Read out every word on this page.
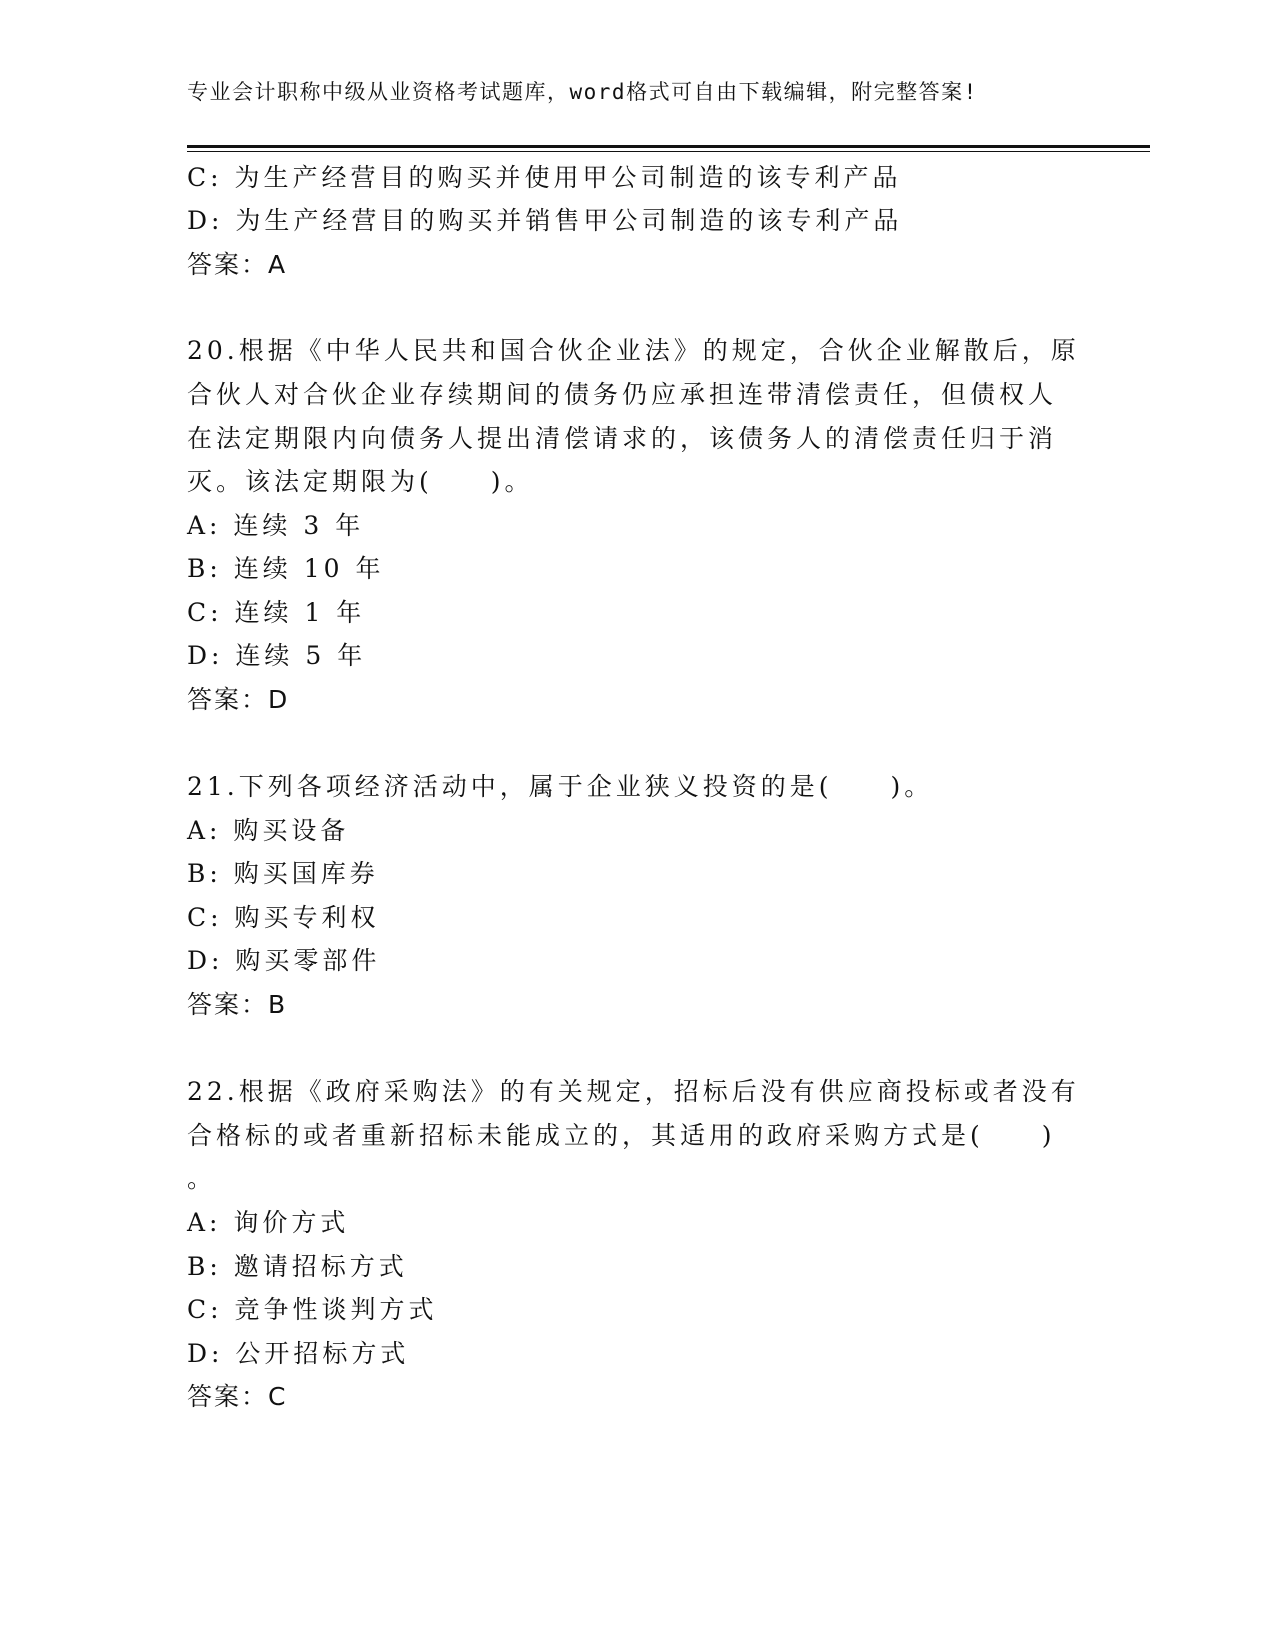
专业会计职称中级从业资格考试题库，word格式可自由下载编辑，附完整答案!
C: 为生产经营目的购买并使用甲公司制造的该专利产品
D: 为生产经营目的购买并销售甲公司制造的该专利产品
答案：A
20.根据《中华人民共和国合伙企业法》的规定，合伙企业解散后，原
合伙人对合伙企业存续期间的债务仍应承担连带清偿责任，但债权人
在法定期限内向债务人提出清偿请求的，该债务人的清偿责任归于消
灭。该法定期限为(　　)。
A: 连续 3 年
B: 连续 10 年
C: 连续 1 年
D: 连续 5 年
答案：D
21.下列各项经济活动中，属于企业狭义投资的是(　　)。
A: 购买设备
B: 购买国库券
C: 购买专利权
D: 购买零部件
答案：B
22.根据《政府采购法》的有关规定，招标后没有供应商投标或者没有
合格标的或者重新招标未能成立的，其适用的政府采购方式是(　　)
。
A: 询价方式
B: 邀请招标方式
C: 竞争性谈判方式
D: 公开招标方式
答案：C
